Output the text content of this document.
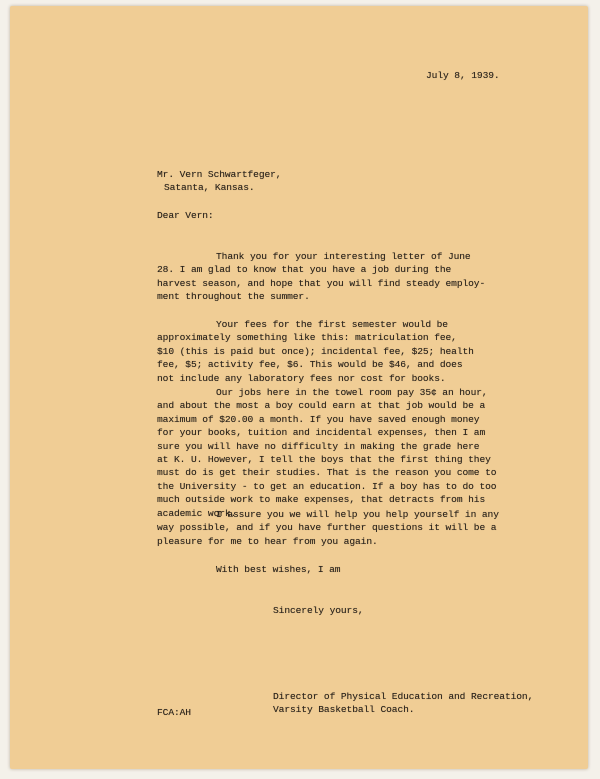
July 8, 1939.
Mr. Vern Schwartfeger,
Satanta, Kansas.
Dear Vern:
Thank you for your interesting letter of June
28. I am glad to know that you have a job during the
harvest season, and hope that you will find steady employ-
ment throughout the summer.
Your fees for the first semester would be
approximately something like this: matriculation fee,
$10 (this is paid but once); incidental fee, $25; health
fee, $5; activity fee, $6. This would be $46, and does
not include any laboratory fees nor cost for books.
Our jobs here in the towel room pay 35¢ an hour,
and about the most a boy could earn at that job would be a
maximum of $20.00 a month. If you have saved enough money
for your books, tuition and incidental expenses, then I am
sure you will have no difficulty in making the grade here
at K. U. However, I tell the boys that the first thing they
must do is get their studies. That is the reason you come to
the University - to get an education. If a boy has to do too
much outside work to make expenses, that detracts from his
academic work.
I assure you we will help you help yourself in any
way possible, and if you have further questions it will be a
pleasure for me to hear from you again.
With best wishes, I am
Sincerely yours,
Director of Physical Education and Recreation,
Varsity Basketball Coach.
FCA:AH
